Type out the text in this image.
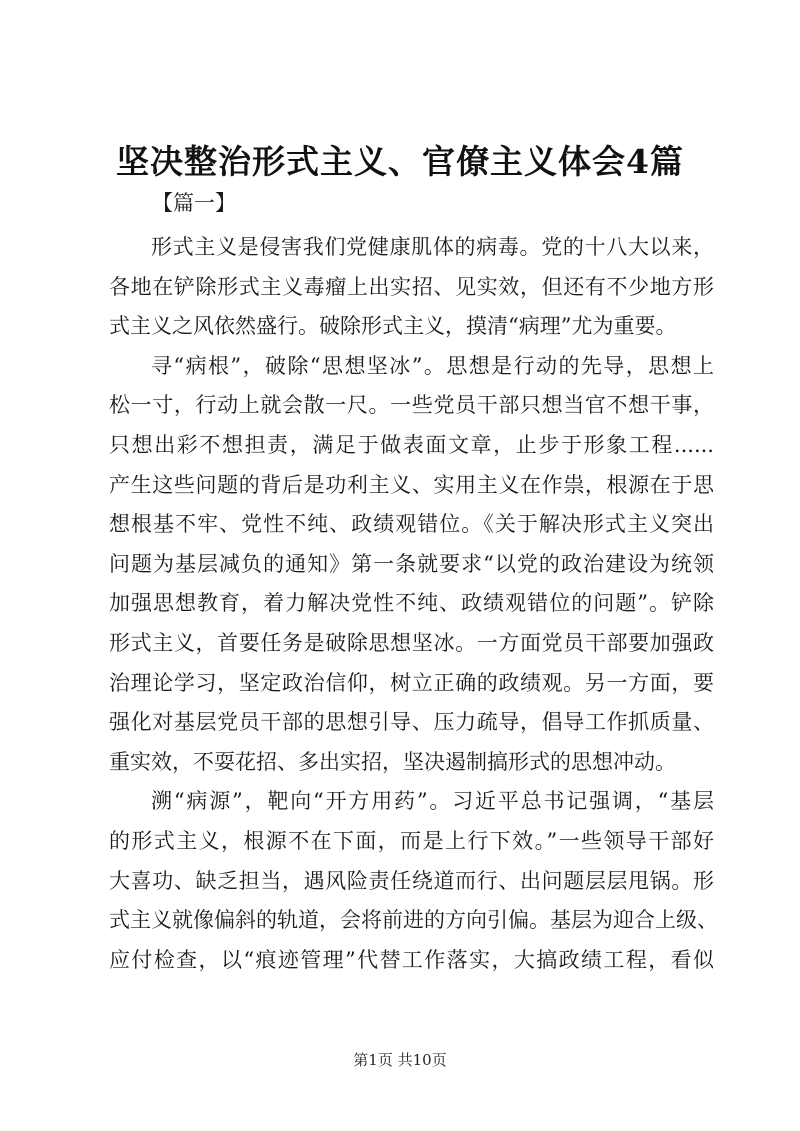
坚决整治形式主义、官僚主义体会4篇
【篇一】

形式主义是侵害我们党健康肌体的病毒。党的十八大以来，
各地在铲除形式主义毒瘤上出实招、见实效，但还有不少地方形
式主义之风依然盛行。破除形式主义，摸清“病理”尤为重要。

寻“病根”，破除“思想坚冰”。思想是行动的先导，思想上
松一寸，行动上就会散一尺。一些党员干部只想当官不想干事，
只想出彩不想担责，满足于做表面文章，止步于形象工程......
产生这些问题的背后是功利主义、实用主义在作祟，根源在于思
想根基不牢、党性不纯、政绩观错位。《关于解决形式主义突出
问题为基层减负的通知》第一条就要求“以党的政治建设为统领
加强思想教育，着力解决党性不纯、政绩观错位的问题”。铲除
形式主义，首要任务是破除思想坚冰。一方面党员干部要加强政
治理论学习，坚定政治信仰，树立正确的政绩观。另一方面，要
强化对基层党员干部的思想引导、压力疏导，倡导工作抓质量、
重实效，不耍花招、多出实招，坚决遏制搞形式的思想冲动。

溯“病源”，靶向“开方用药”。习近平总书记强调，“基层
的形式主义，根源不在下面，而是上行下效。”一些领导干部好
大喜功、缺乏担当，遇风险责任绕道而行、出问题层层甩锅。形
式主义就像偏斜的轨道，会将前进的方向引偏。基层为迎合上级、
应付检查，以“痕迹管理”代替工作落实，大搞政绩工程，看似

第1页 共10页
